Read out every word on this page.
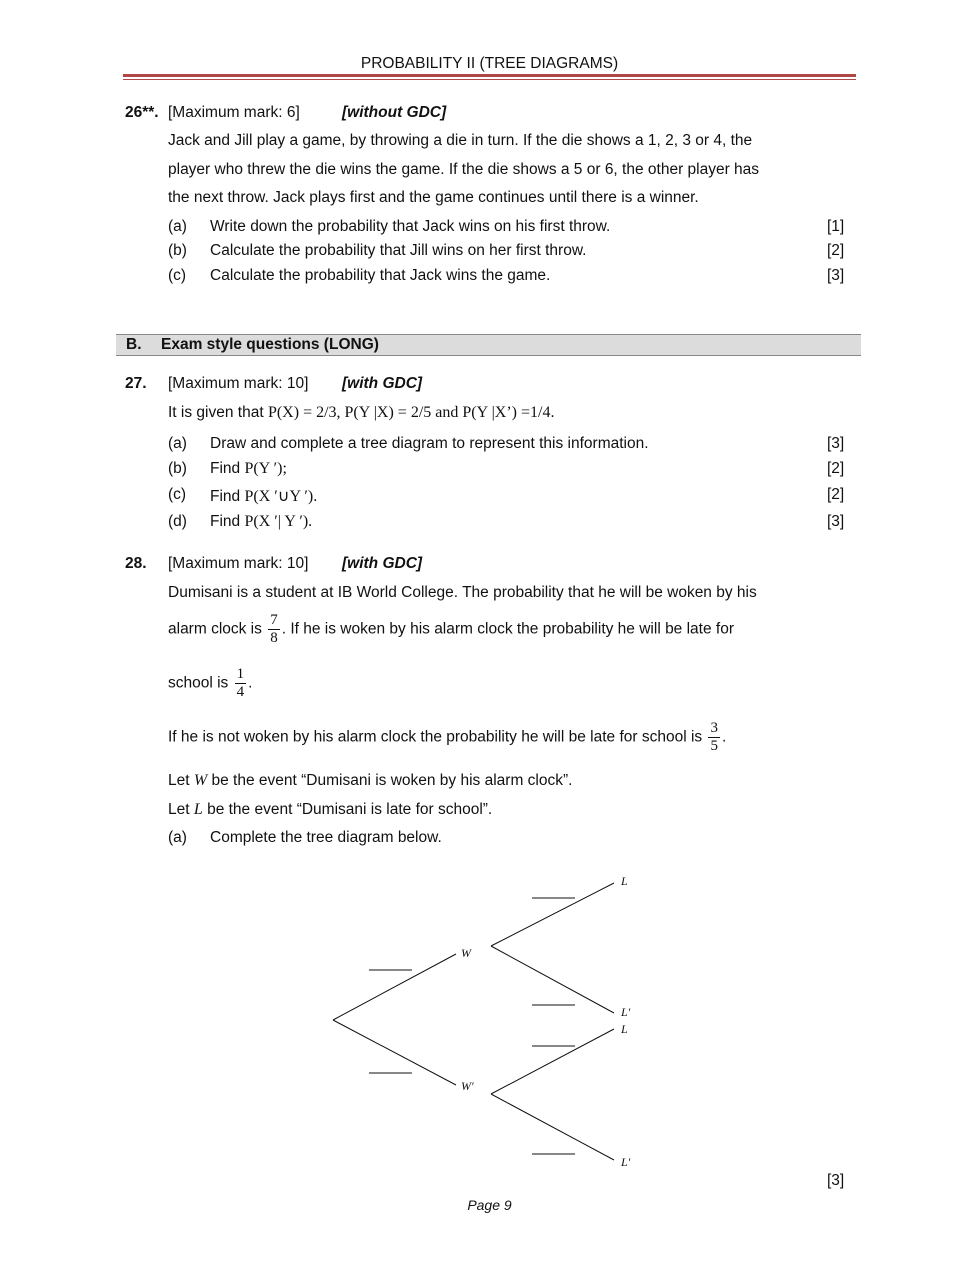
PROBABILITY II (TREE DIAGRAMS)
26**. [Maximum mark: 6]	[without GDC]
Jack and Jill play a game, by throwing a die in turn. If the die shows a 1, 2, 3 or 4, the
player who threw the die wins the game. If the die shows a 5 or 6, the other player has
the next throw. Jack plays first and the game continues until there is a winner.
(a) Write down the probability that Jack wins on his first throw.	[1]
(b) Calculate the probability that Jill wins on her first throw.	[2]
(c) Calculate the probability that Jack wins the game.	[3]
B. Exam style questions (LONG)
27. [Maximum mark: 10] [with GDC]
It is given that P(X) = 2/3, P(Y |X) = 2/5 and P(Y |X’) =1/4.
(a) Draw and complete a tree diagram to represent this information.	[3]
(b) Find P(Y ′);	[2]
(c) Find P(X ′∪Y ′).	[2]
(d) Find P(X ′| Y ′).	[3]
28. [Maximum mark: 10] [with GDC]
Dumisani is a student at IB World College. The probability that he will be woken by his
alarm clock is $\frac{7}{8}$ . If he is woken by his alarm clock the probability he will be late for
school is $\frac{1}{4}$ .
If he is not woken by his alarm clock the probability he will be late for school is $\frac{3}{5}$ .
Let W be the event “Dumisani is woken by his alarm clock”.
Let L be the event “Dumisani is late for school”.
(a) Complete the tree diagram below.
W
W′
L
L′
L
L′
[3]
Page 9
